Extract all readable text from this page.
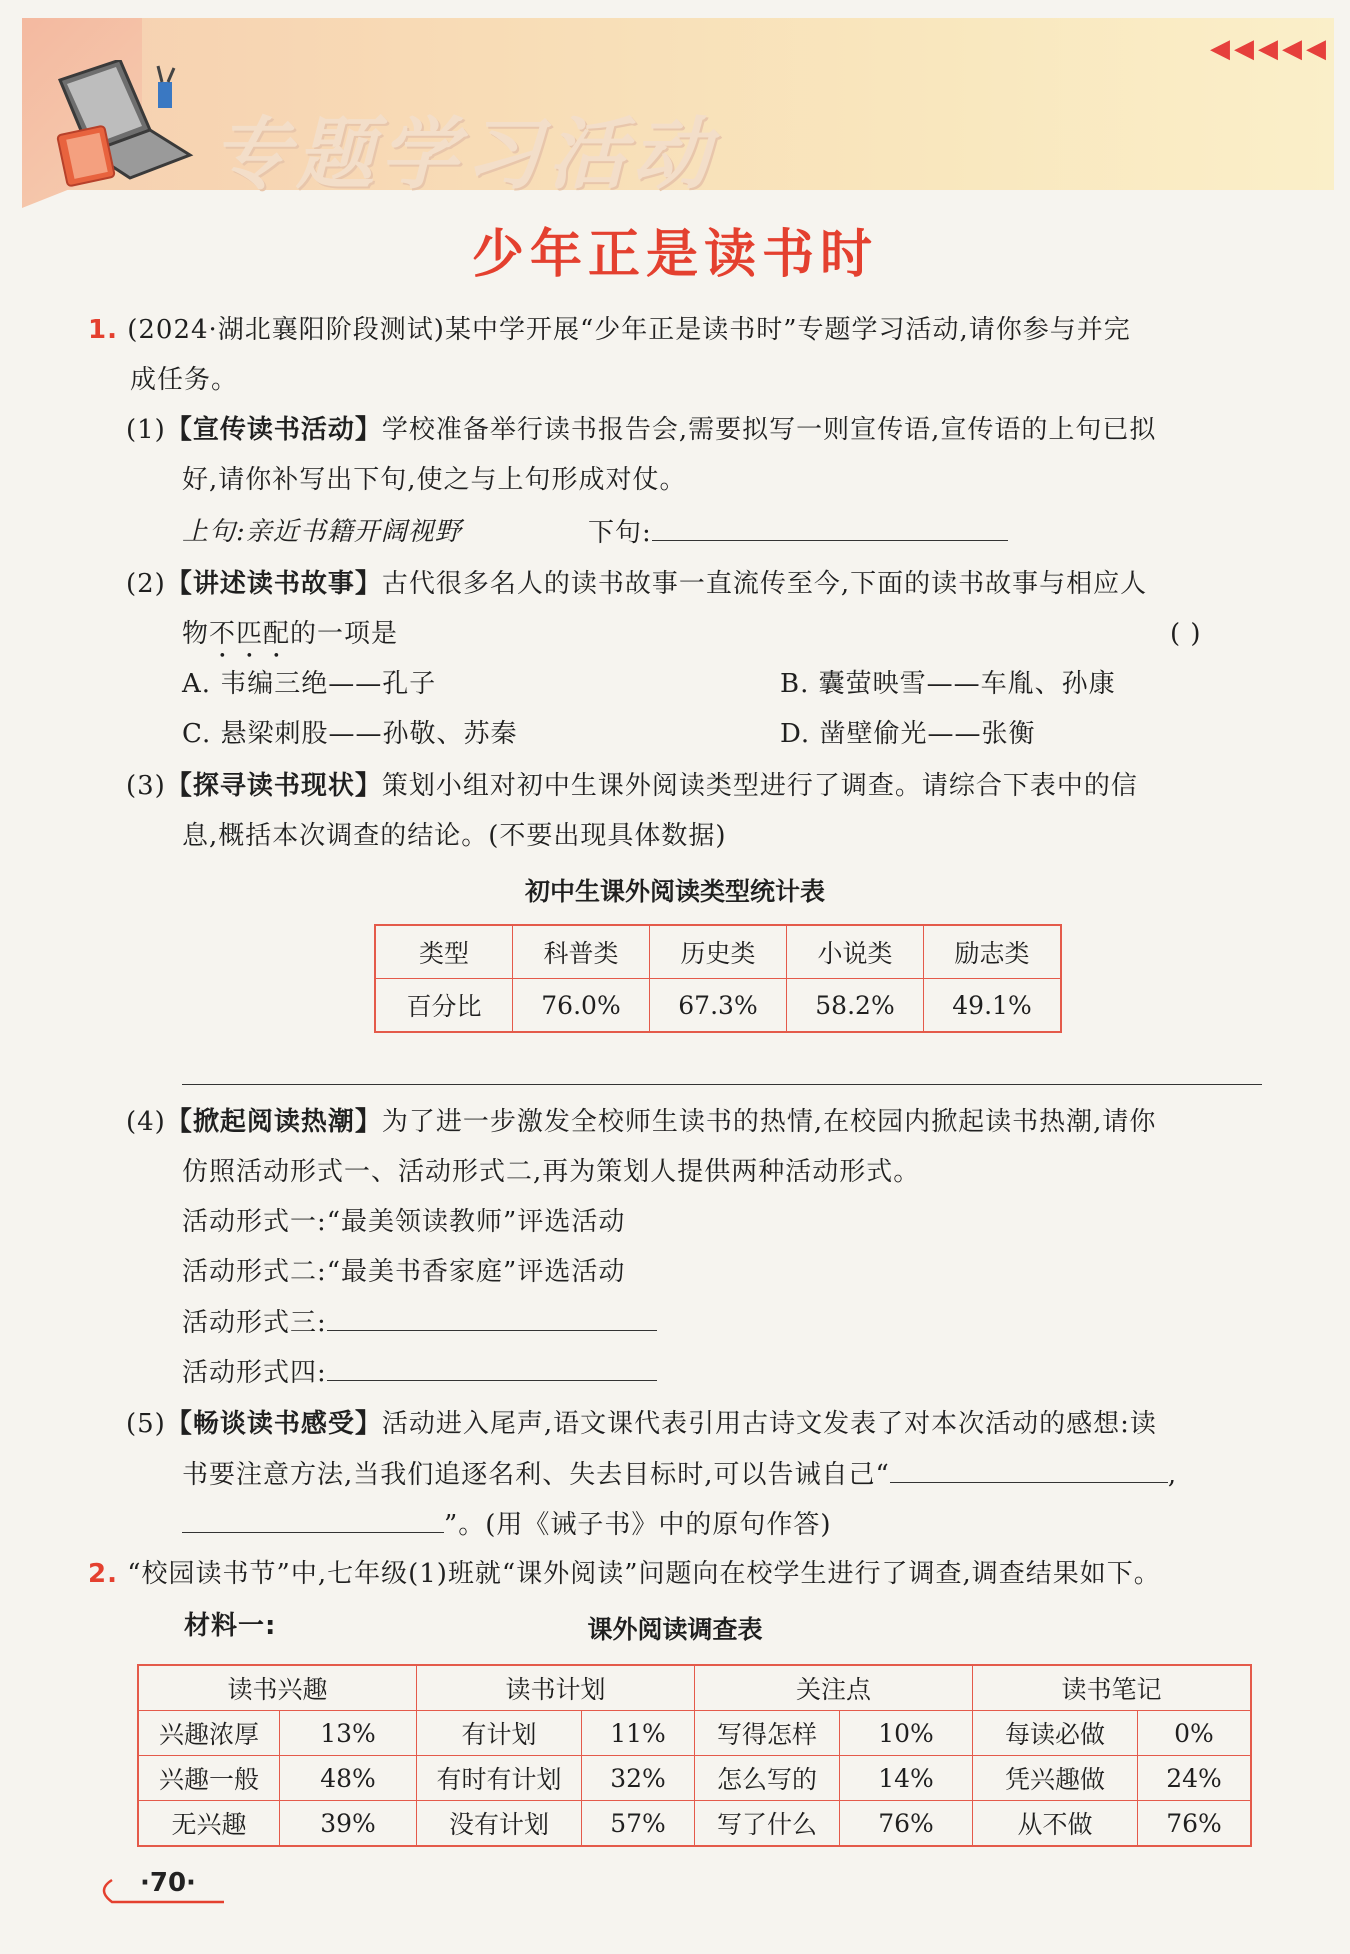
专题学习活动
◀◀◀◀◀
少年正是读书时
1. (2024·湖北襄阳阶段测试)某中学开展“少年正是读书时”专题学习活动,请你参与并完
成任务。
(1)【宣传读书活动】学校准备举行读书报告会,需要拟写一则宣传语,宣传语的上句已拟
好,请你补写出下句,使之与上句形成对仗。
上句:亲近书籍开阔视野	下句:
(2)【讲述读书故事】古代很多名人的读书故事一直流传至今,下面的读书故事与相应人
物不匹配的一项是	( )
A. 韦编三绝——孔子	B. 囊萤映雪——车胤、孙康
C. 悬梁刺股——孙敬、苏秦	D. 凿壁偷光——张衡
(3)【探寻读书现状】策划小组对初中生课外阅读类型进行了调查。请综合下表中的信
息,概括本次调查的结论。(不要出现具体数据)
初中生课外阅读类型统计表
类型	科普类	历史类	小说类	励志类
百分比	76.0%	67.3%	58.2%	49.1%
(4)【掀起阅读热潮】为了进一步激发全校师生读书的热情,在校园内掀起读书热潮,请你
仿照活动形式一、活动形式二,再为策划人提供两种活动形式。
活动形式一:“最美领读教师”评选活动
活动形式二:“最美书香家庭”评选活动
活动形式三:
活动形式四:
(5)【畅谈读书感受】活动进入尾声,语文课代表引用古诗文发表了对本次活动的感想:读
书要注意方法,当我们追逐名利、失去目标时,可以告诫自己“	,
”。(用《诫子书》中的原句作答)
2. “校园读书节”中,七年级(1)班就“课外阅读”问题向在校学生进行了调查,调查结果如下。
材料一:	课外阅读调查表
读书兴趣		读书计划		关注点		读书笔记	
兴趣浓厚	13%	有计划	11%	写得怎样	10%	每读必做	0%
兴趣一般	48%	有时有计划	32%	怎么写的	14%	凭兴趣做	24%
无兴趣	39%	没有计划	57%	写了什么	76%	从不做	76%
·70·
